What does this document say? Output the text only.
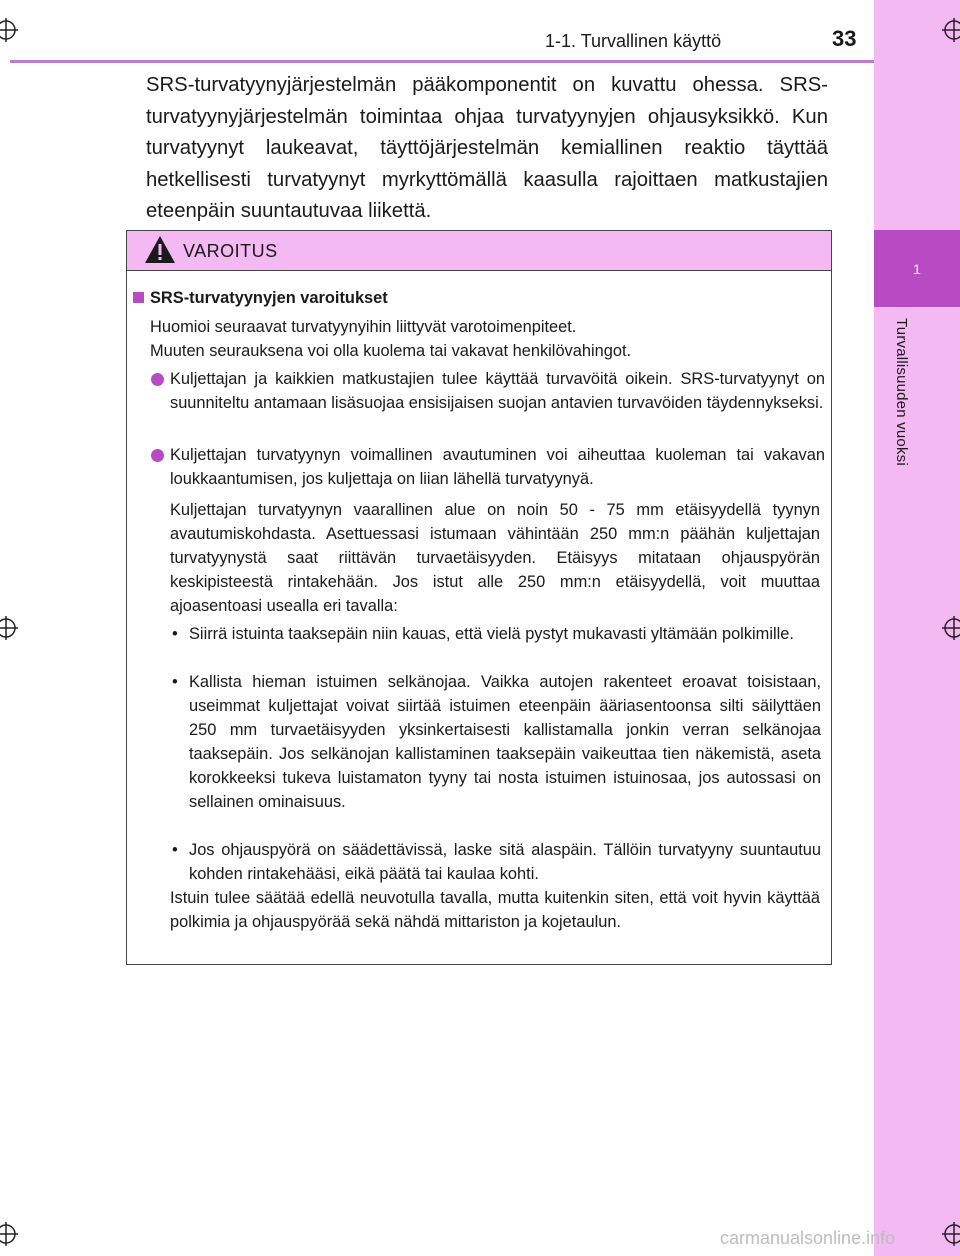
1
Turvallisuuden vuoksi
1-1. Turvallinen käyttö	33

SRS-turvatyynyjärjestelmän pääkomponentit on kuvattu ohessa. SRS-turvatyynyjärjestelmän toimintaa ohjaa turvatyynyjen ohjausyksikkö. Kun turvatyynyt laukeavat, täyttöjärjestelmän kemiallinen reaktio täyttää hetkellisesti turvatyynyt myrkyttömällä kaasulla rajoittaen matkustajien eteenpäin suuntautuvaa liikettä.

VAROITUS
SRS-turvatyynyjen varoitukset

Huomioi seuraavat turvatyynyihin liittyvät varotoimenpiteet.

Muuten seurauksena voi olla kuolema tai vakavat henkilövahingot.

Kuljettajan ja kaikkien matkustajien tulee käyttää turvavöitä oikein. SRS-turvatyynyt on suunniteltu antamaan lisäsuojaa ensisijaisen suojan antavien turvavöiden täydennykseksi.

Kuljettajan turvatyynyn voimallinen avautuminen voi aiheuttaa kuoleman tai vakavan loukkaantumisen, jos kuljettaja on liian lähellä turvatyynyä.

Kuljettajan turvatyynyn vaarallinen alue on noin 50 - 75 mm etäisyydellä tyynyn avautumiskohdasta. Asettuessasi istumaan vähintään 250 mm:n päähän kuljettajan turvatyynystä saat riittävän turvaetäisyyden. Etäisyys mitataan ohjauspyörän keskipisteestä rintakehään. Jos istut alle 250 mm:n etäisyydellä, voit muuttaa ajoasentoasi usealla eri tavalla:

• Siirrä istuinta taaksepäin niin kauas, että vielä pystyt mukavasti yltämään polkimille.

• Kallista hieman istuimen selkänojaa. Vaikka autojen rakenteet eroavat toisistaan, useimmat kuljettajat voivat siirtää istuimen eteenpäin ääriasentoonsa silti säilyttäen 250 mm turvaetäisyyden yksinkertaisesti kallistamalla jonkin verran selkänojaa taaksepäin. Jos selkänojan kallistaminen taaksepäin vaikeuttaa tien näkemistä, aseta korokkeeksi tukeva luistamaton tyyny tai nosta istuimen istuinosaa, jos autossasi on sellainen ominaisuus.

• Jos ohjauspyörä on säädettävissä, laske sitä alaspäin. Tällöin turvatyyny suuntautuu kohden rintakehääsi, eikä päätä tai kaulaa kohti.

Istuin tulee säätää edellä neuvotulla tavalla, mutta kuitenkin siten, että voit hyvin käyttää polkimia ja ohjauspyörää sekä nähdä mittariston ja kojetaulun.

carmanualsonline.info
